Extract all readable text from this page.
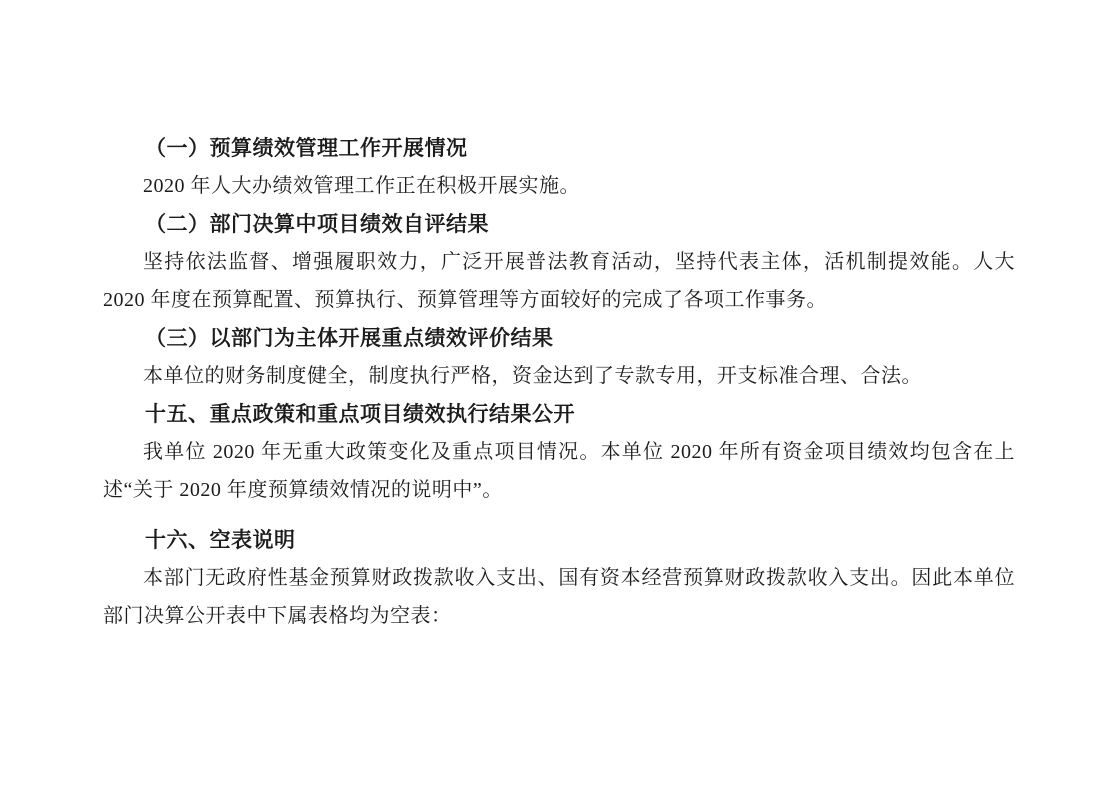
（一）预算绩效管理工作开展情况

2020 年人大办绩效管理工作正在积极开展实施。

（二）部门决算中项目绩效自评结果

坚持依法监督、增强履职效力，广泛开展普法教育活动，坚持代表主体，活机制提效能。人大 2020 年度在预算配置、预算执行、预算管理等方面较好的完成了各项工作事务。

（三）以部门为主体开展重点绩效评价结果

本单位的财务制度健全，制度执行严格，资金达到了专款专用，开支标准合理、合法。

十五、重点政策和重点项目绩效执行结果公开

我单位 2020 年无重大政策变化及重点项目情况。本单位 2020 年所有资金项目绩效均包含在上述“关于 2020 年度预算绩效情况的说明中”。

十六、空表说明

本部门无政府性基金预算财政拨款收入支出、国有资本经营预算财政拨款收入支出。因此本单位部门决算公开表中下属表格均为空表：
